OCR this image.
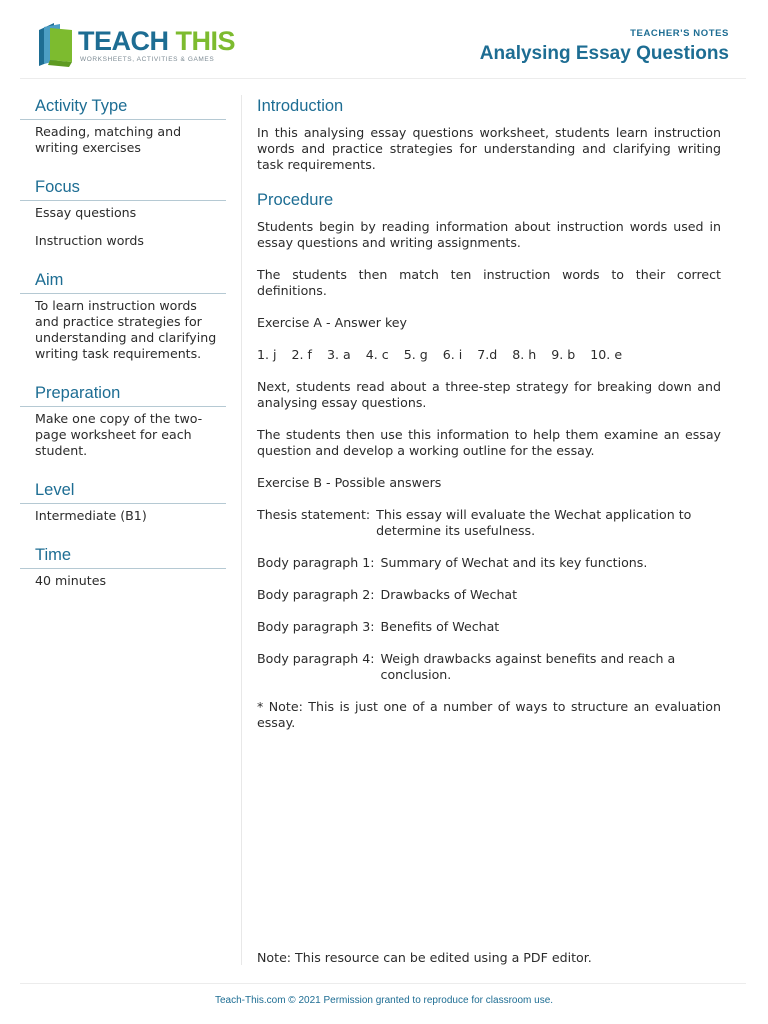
TEACH THIS
WORKSHEETS, ACTIVITIES & GAMES
TEACHER'S NOTES
Analysing Essay Questions
Activity Type
Reading, matching and writing exercises
Focus
Essay questions
Instruction words
Aim
To learn instruction words and practice strategies for understanding and clarifying writing task requirements.
Preparation
Make one copy of the two-page worksheet for each student.
Level
Intermediate (B1)
Time
40 minutes
Introduction
In this analysing essay questions worksheet, students learn instruction words and practice strategies for understanding and clarifying writing task requirements.
Procedure
Students begin by reading information about instruction words used in essay questions and writing assignments.
The students then match ten instruction words to their correct definitions.
Exercise A - Answer key
1. j 2. f 3. a 4. c 5. g 6. i 7.d 8. h 9. b 10. e
Next, students read about a three-step strategy for breaking down and analysing essay questions.
The students then use this information to help them examine an essay question and develop a working outline for the essay.
Exercise B - Possible answers
Thesis statement: This essay will evaluate the Wechat application to determine its usefulness.
Body paragraph 1: Summary of Wechat and its key functions.
Body paragraph 2: Drawbacks of Wechat
Body paragraph 3: Benefits of Wechat
Body paragraph 4: Weigh drawbacks against benefits and reach a conclusion.
* Note: This is just one of a number of ways to structure an evaluation essay.
Note: This resource can be edited using a PDF editor.
Teach-This.com © 2021 Permission granted to reproduce for classroom use.
